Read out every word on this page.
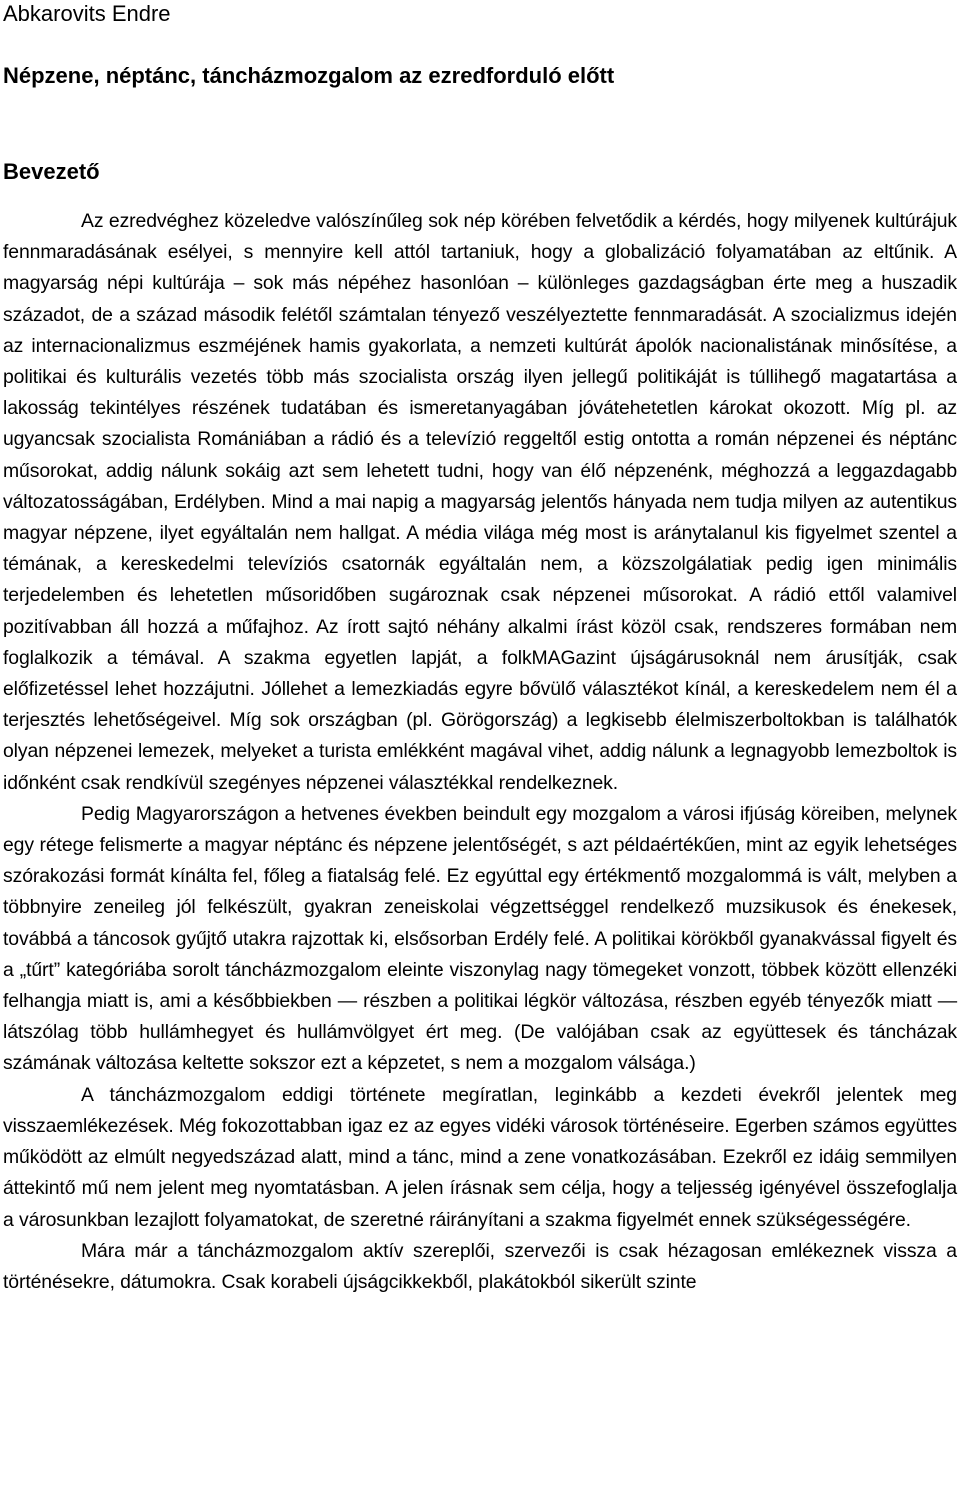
Abkarovits Endre

Népzene, néptánc, táncházmozgalom az ezredforduló előtt

Bevezető

Az ezredvéghez közeledve valószínűleg sok nép körében felvetődik a kérdés, hogy milyenek kultúrájuk fennmaradásának esélyei, s mennyire kell attól tartaniuk, hogy a globalizáció folyamatában az eltűnik. A magyarság népi kultúrája – sok más népéhez hasonlóan – különleges gazdagságban érte meg a huszadik századot, de a század második felétől számtalan tényező veszélyeztette fennmaradását. A szocializmus idején az internacionalizmus eszméjének hamis gyakorlata, a nemzeti kultúrát ápolók nacionalistának minősítése, a politikai és kulturális vezetés több más szocialista ország ilyen jellegű politikáját is túllihegő magatartása a lakosság tekintélyes részének tudatában és ismeretanyagában jóvátehetetlen károkat okozott. Míg pl. az ugyancsak szocialista Romániában a rádió és a televízió reggeltől estig ontotta a román népzenei és néptánc műsorokat, addig nálunk sokáig azt sem lehetett tudni, hogy van élő népzenénk, méghozzá a leggazdagabb változatosságában, Erdélyben. Mind a mai napig a magyarság jelentős hányada nem tudja milyen az autentikus magyar népzene, ilyet egyáltalán nem hallgat. A média világa még most is aránytalanul kis figyelmet szentel a témának, a kereskedelmi televíziós csatornák egyáltalán nem, a közszolgálatiak pedig igen minimális terjedelemben és lehetetlen műsoridőben sugároznak csak népzenei műsorokat. A rádió ettől valamivel pozitívabban áll hozzá a műfajhoz. Az írott sajtó néhány alkalmi írást közöl csak, rendszeres formában nem foglalkozik a témával. A szakma egyetlen lapját, a folkMAGazint újságárusoknál nem árusítják, csak előfizetéssel lehet hozzájutni. Jóllehet a lemezkiadás egyre bővülő választékot kínál, a kereskedelem nem él a terjesztés lehetőségeivel. Míg sok országban (pl. Görögország) a legkisebb élelmiszerboltokban is találhatók olyan népzenei lemezek, melyeket a turista emlékként magával vihet, addig nálunk a legnagyobb lemezboltok is időnként csak rendkívül szegényes népzenei választékkal rendelkeznek.

Pedig Magyarországon a hetvenes években beindult egy mozgalom a városi ifjúság köreiben, melynek egy rétege felismerte a magyar néptánc és népzene jelentőségét, s azt példaértékűen, mint az egyik lehetséges szórakozási formát kínálta fel, főleg a fiatalság felé. Ez egyúttal egy értékmentő mozgalommá is vált, melyben a többnyire zeneileg jól felkészült, gyakran zeneiskolai végzettséggel rendelkező muzsikusok és énekesek, továbbá a táncosok gyűjtő utakra rajzottak ki, elsősorban Erdély felé. A politikai körökből gyanakvással figyelt és a „tűrt” kategóriába sorolt táncházmozgalom eleinte viszonylag nagy tömegeket vonzott, többek között ellenzéki felhangja miatt is, ami a későbbiekben — részben a politikai légkör változása, részben egyéb tényezők miatt — látszólag több hullámhegyet és hullámvölgyet ért meg. (De valójában csak az együttesek és táncházak számának változása keltette sokszor ezt a képzetet, s nem a mozgalom válsága.)

A táncházmozgalom eddigi története megíratlan, leginkább a kezdeti évekről jelentek meg visszaemlékezések. Még fokozottabban igaz ez az egyes vidéki városok történéseire. Egerben számos együttes működött az elmúlt negyedszázad alatt, mind a tánc, mind a zene vonatkozásában. Ezekről ez idáig semmilyen áttekintő mű nem jelent meg nyomtatásban. A jelen írásnak sem célja, hogy a teljesség igényével összefoglalja a városunkban lezajlott folyamatokat, de szeretné ráirányítani a szakma figyelmét ennek szükségességére.

Mára már a táncházmozgalom aktív szereplői, szervezői is csak hézagosan emlékeznek vissza a történésekre, dátumokra. Csak korabeli újságcikkekből, plakátokból sikerült szinte
